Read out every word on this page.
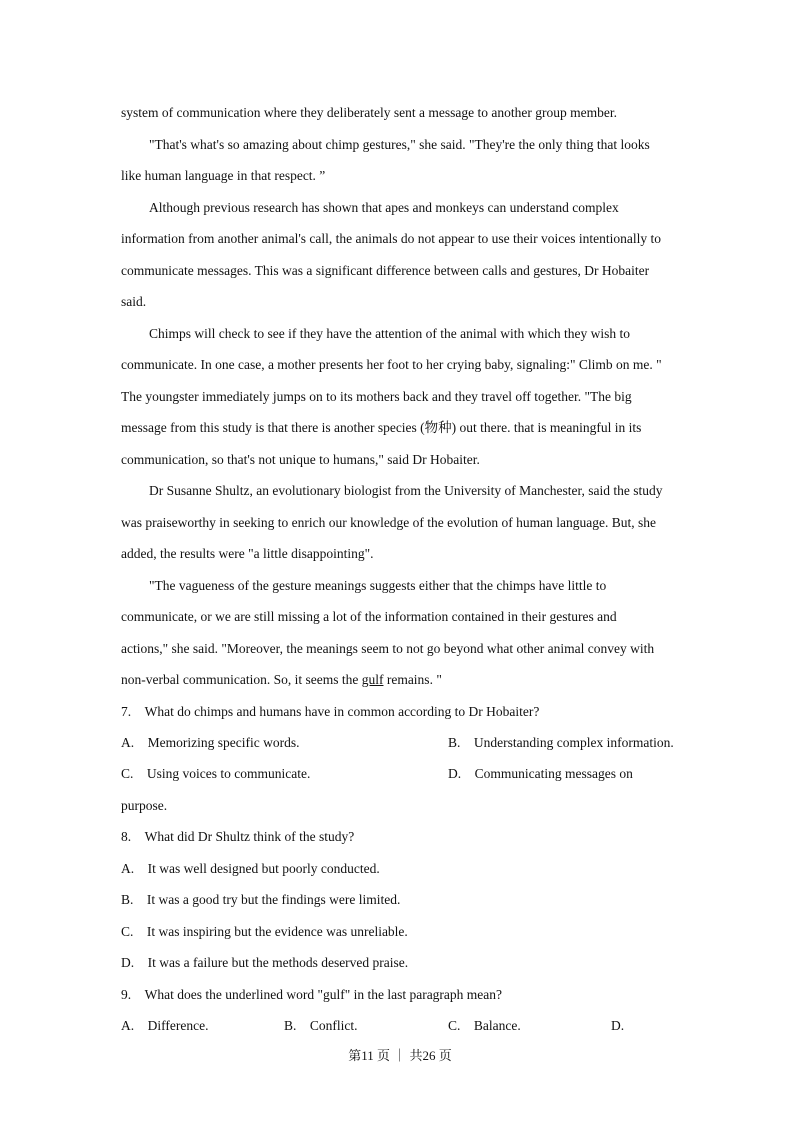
system of communication where they deliberately sent a message to another group member.
"That's what's so amazing about chimp gestures," she said. "They're the only thing that looks
like human language in that respect. ”
Although previous research has shown that apes and monkeys can understand complex
information from another animal's call, the animals do not appear to use their voices intentionally to
communicate messages. This was a significant difference between calls and gestures, Dr Hobaiter
said.
Chimps will check to see if they have the attention of the animal with which they wish to
communicate. In one case, a mother presents her foot to her crying baby, signaling:" Climb on me. "
The youngster immediately jumps on to its mothers back and they travel off together. "The big
message from this study is that there is another species (物种) out there. that is meaningful in its
communication, so that's not unique to humans," said Dr Hobaiter.
Dr Susanne Shultz, an evolutionary biologist from the University of Manchester, said the study
was praiseworthy in seeking to enrich our knowledge of the evolution of human language. But, she
added, the results were "a little disappointing".
"The vagueness of the gesture meanings suggests either that the chimps have little to
communicate, or we are still missing a lot of the information contained in their gestures and
actions," she said. "Moreover, the meanings seem to not go beyond what other animal convey with
non-verbal communication. So, it seems the gulf remains. "
7.　What do chimps and humans have in common according to Dr Hobaiter?
A.　Memorizing specific words.	B.　Understanding complex information.
C.　Using voices to communicate.	D.　Communicating messages on
purpose.
8.　What did Dr Shultz think of the study?
A.　It was well designed but poorly conducted.
B.　It was a good try but the findings were limited.
C.　It was inspiring but the evidence was unreliable.
D.　It was a failure but the methods deserved praise.
9.　What does the underlined word "gulf" in the last paragraph mean?
A.　Difference.	B.　Conflict.	C.　Balance.	D.
第11 页 ｜ 共26 页
